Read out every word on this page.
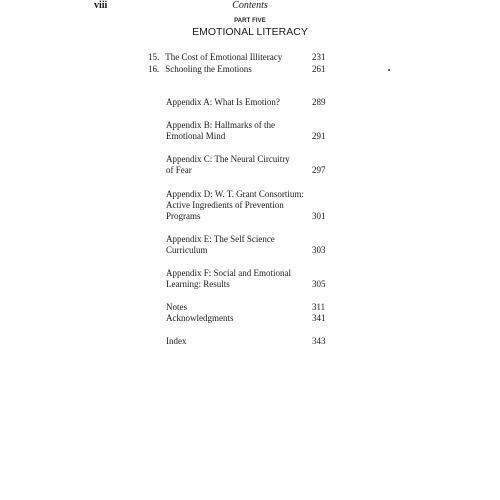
viii	Contents
PART FIVE
EMOTIONAL LITERACY
15. The Cost of Emotional Illiteracy	231
16. Schooling the Emotions	261
Appendix A: What Is Emotion?	289
Appendix B: Hallmarks of the
Emotional Mind	291
Appendix C: The Neural Circuitry
of Fear	297
Appendix D: W. T. Grant Consortium:
Active Ingredients of Prevention
Programs	301
Appendix E: The Self Science
Curriculum	303
Appendix F: Social and Emotional
Learning: Results	305
Notes	311
Acknowledgments	341
Index	343
